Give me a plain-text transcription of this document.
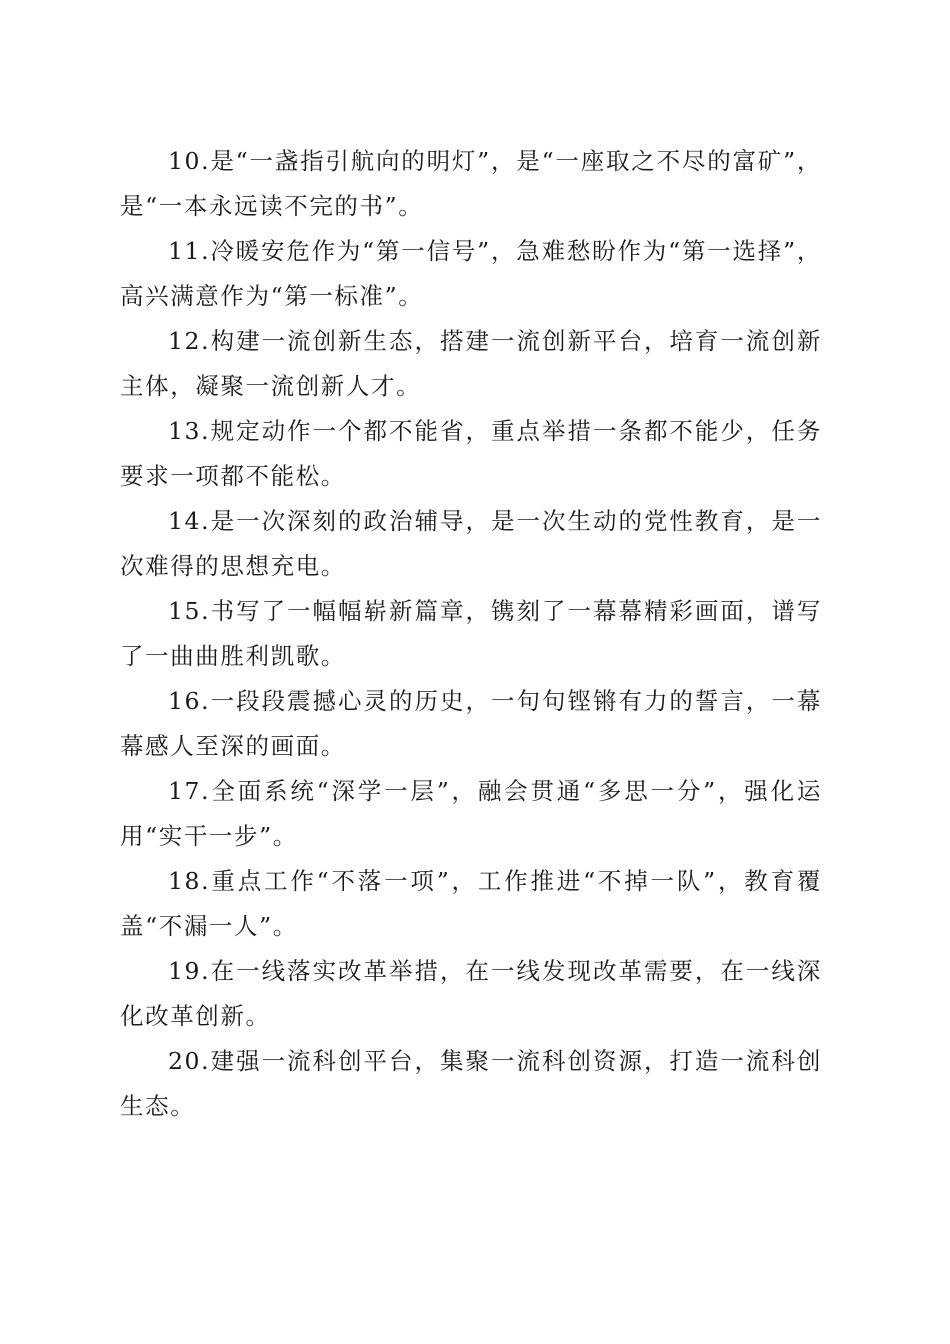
10.是“一盏指引航向的明灯”，是“一座取之不尽的富矿”，是“一本永远读不完的书”。

11.冷暖安危作为“第一信号”，急难愁盼作为“第一选择”，高兴满意作为“第一标准”。

12.构建一流创新生态，搭建一流创新平台，培育一流创新主体，凝聚一流创新人才。

13.规定动作一个都不能省，重点举措一条都不能少，任务要求一项都不能松。

14.是一次深刻的政治辅导，是一次生动的党性教育，是一次难得的思想充电。

15.书写了一幅幅崭新篇章，镌刻了一幕幕精彩画面，谱写了一曲曲胜利凯歌。

16.一段段震撼心灵的历史，一句句铿锵有力的誓言，一幕幕感人至深的画面。

17.全面系统“深学一层”，融会贯通“多思一分”，强化运用“实干一步”。

18.重点工作“不落一项”，工作推进“不掉一队”，教育覆盖“不漏一人”。

19.在一线落实改革举措，在一线发现改革需要，在一线深化改革创新。

20.建强一流科创平台，集聚一流科创资源，打造一流科创生态。
